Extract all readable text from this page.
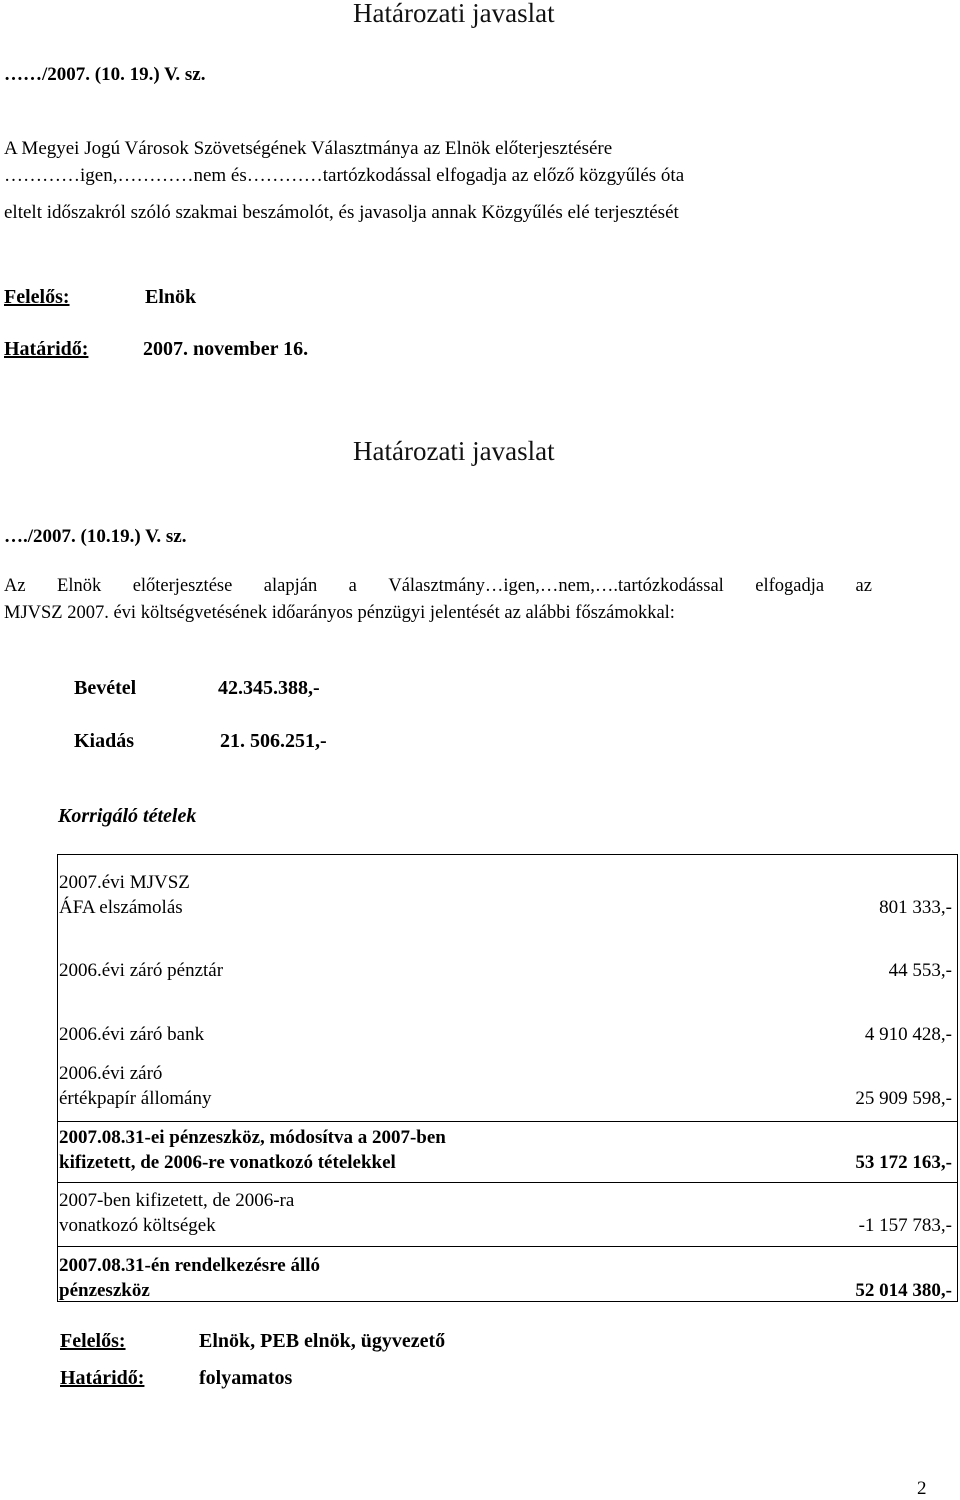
Határozati javaslat
……/2007. (10. 19.) V. sz.
A Megyei Jogú Városok Szövetségének Választmánya az Elnök előterjesztésére
…………igen,…………nem és…………tartózkodással elfogadja az előző közgyűlés óta
eltelt időszakról szóló szakmai beszámolót, és javasolja annak Közgyűlés elé terjesztését
Felelős:	Elnök
Határidő:	2007. november 16.
Határozati javaslat
…./2007. (10.19.) V. sz.
Az Elnök előterjesztése alapján a Választmány…igen,…nem,….tartózkodással elfogadja az
MJVSZ 2007. évi költségvetésének időarányos pénzügyi jelentését az alábbi főszámokkal:
Bevétel	42.345.388,-
Kiadás	21. 506.251,-
Korrigáló tételek
2007.évi MJVSZ
ÁFA elszámolás	801 333,-
2006.évi záró pénztár	44 553,-
2006.évi záró bank	4 910 428,-
2006.évi záró
értékpapír állomány	25 909 598,-
2007.08.31-ei pénzeszköz, módosítva a 2007-ben
kifizetett, de 2006-re vonatkozó tételekkel	53 172 163,-
2007-ben kifizetett, de 2006-ra
vonatkozó költségek	-1 157 783,-
2007.08.31-én rendelkezésre álló
pénzeszköz	52 014 380,-
Felelős:	Elnök, PEB elnök, ügyvezető
Határidő:	folyamatos
2
